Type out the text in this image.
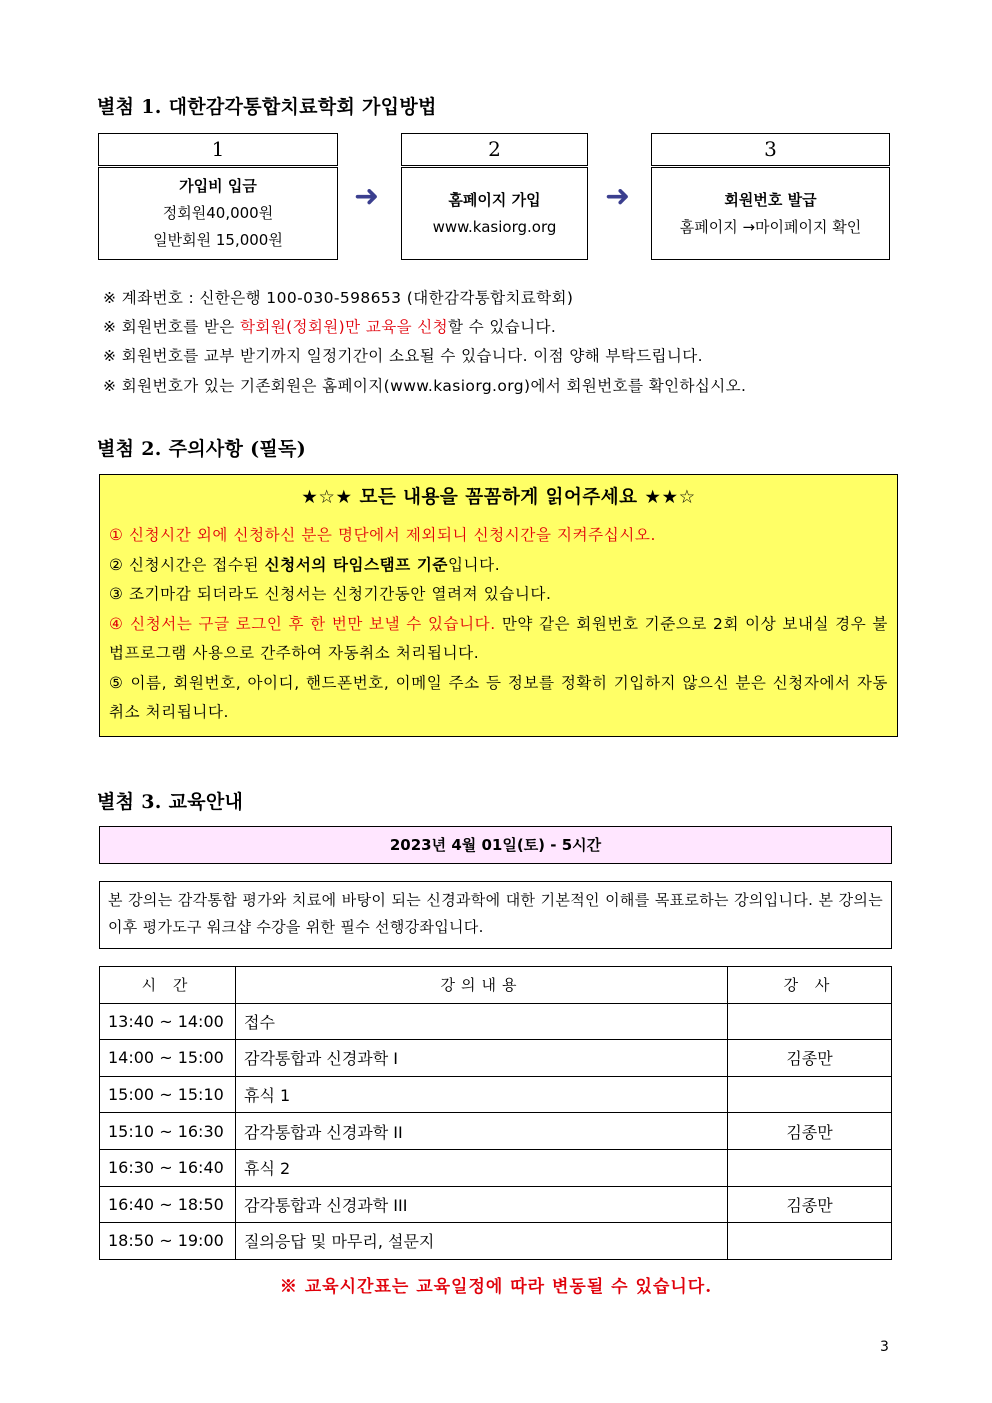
별첨 1. 대한감각통합치료학회 가입방법
1
가입비 입금
정회원40,000원
일반회원 15,000원
➜
2
홈페이지 가입
www.kasiorg.org
➜
3
회원번호 발급
홈페이지 →마이페이지 확인
※ 계좌번호 : 신한은행 100-030-598653 (대한감각통합치료학회)
※ 회원번호를 받은 학회원(정회원)만 교육을 신청할 수 있습니다.
※ 회원번호를 교부 받기까지 일정기간이 소요될 수 있습니다. 이점 양해 부탁드립니다.
※ 회원번호가 있는 기존회원은 홈페이지(www.kasiorg.org)에서 회원번호를 확인하십시오.
별첨 2. 주의사항 (필독)
★☆★ 모든 내용을 꼼꼼하게 읽어주세요 ★★☆
① 신청시간 외에 신청하신 분은 명단에서 제외되니 신청시간을 지켜주십시오.
② 신청시간은 접수된 신청서의 타임스탬프 기준입니다.
③ 조기마감 되더라도 신청서는 신청기간동안 열려져 있습니다.
④ 신청서는 구글 로그인 후 한 번만 보낼 수 있습니다. 만약 같은 회원번호 기준으로 2회 이상 보내실 경우 불법프로그램 사용으로 간주하여 자동취소 처리됩니다.
⑤ 이름, 회원번호, 아이디, 핸드폰번호, 이메일 주소 등 정보를 정확히 기입하지 않으신 분은 신청자에서 자동취소 처리됩니다.
별첨 3. 교육안내
2023년 4월 01일(토) - 5시간
본 강의는 감각통합 평가와 치료에 바탕이 되는 신경과학에 대한 기본적인 이해를 목표로하는 강의입니다. 본 강의는 이후 평가도구 워크샵 수강을 위한 필수 선행강좌입니다.
시 간	강의내용	강 사
13:40 ~ 14:00	접수	
14:00 ~ 15:00	감각통합과 신경과학 I	김종만
15:00 ~ 15:10	휴식 1	
15:10 ~ 16:30	감각통합과 신경과학 II	김종만
16:30 ~ 16:40	휴식 2	
16:40 ~ 18:50	감각통합과 신경과학 III	김종만
18:50 ~ 19:00	질의응답 및 마무리, 설문지	
※ 교육시간표는 교육일정에 따라 변동될 수 있습니다.
3
